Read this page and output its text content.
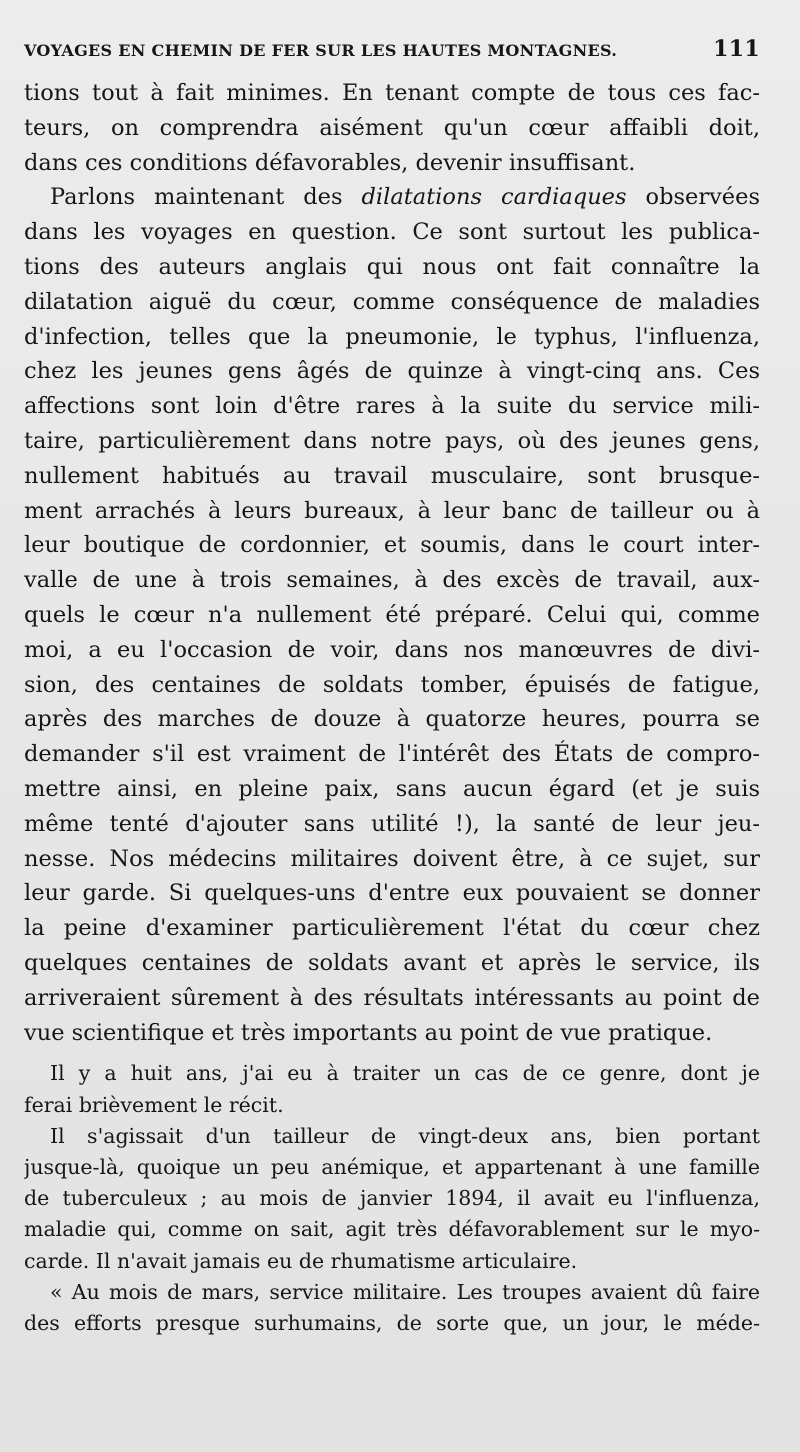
VOYAGES EN CHEMIN DE FER SUR LES HAUTES MONTAGNES.	111

tions tout à fait minimes. En tenant compte de tous ces fac-
teurs, on comprendra aisément qu'un cœur affaibli doit,
dans ces conditions défavorables, devenir insuffisant.

Parlons maintenant des dilatations cardiaques observées
dans les voyages en question. Ce sont surtout les publica-
tions des auteurs anglais qui nous ont fait connaître la
dilatation aiguë du cœur, comme conséquence de maladies
d'infection, telles que la pneumonie, le typhus, l'influenza,
chez les jeunes gens âgés de quinze à vingt-cinq ans. Ces
affections sont loin d'être rares à la suite du service mili-
taire, particulièrement dans notre pays, où des jeunes gens,
nullement habitués au travail musculaire, sont brusque-
ment arrachés à leurs bureaux, à leur banc de tailleur ou à
leur boutique de cordonnier, et soumis, dans le court inter-
valle de une à trois semaines, à des excès de travail, aux-
quels le cœur n'a nullement été préparé. Celui qui, comme
moi, a eu l'occasion de voir, dans nos manœuvres de divi-
sion, des centaines de soldats tomber, épuisés de fatigue,
après des marches de douze à quatorze heures, pourra se
demander s'il est vraiment de l'intérêt des États de compro-
mettre ainsi, en pleine paix, sans aucun égard (et je suis
même tenté d'ajouter sans utilité !), la santé de leur jeu-
nesse. Nos médecins militaires doivent être, à ce sujet, sur
leur garde. Si quelques-uns d'entre eux pouvaient se donner
la peine d'examiner particulièrement l'état du cœur chez
quelques centaines de soldats avant et après le service, ils
arriveraient sûrement à des résultats intéressants au point de
vue scientifique et très importants au point de vue pratique.

Il y a huit ans, j'ai eu à traiter un cas de ce genre, dont je
ferai brièvement le récit.

Il s'agissait d'un tailleur de vingt-deux ans, bien portant
jusque-là, quoique un peu anémique, et appartenant à une famille
de tuberculeux ; au mois de janvier 1894, il avait eu l'influenza,
maladie qui, comme on sait, agit très défavorablement sur le myo-
carde. Il n'avait jamais eu de rhumatisme articulaire.

« Au mois de mars, service militaire. Les troupes avaient dû faire
des efforts presque surhumains, de sorte que, un jour, le méde-
